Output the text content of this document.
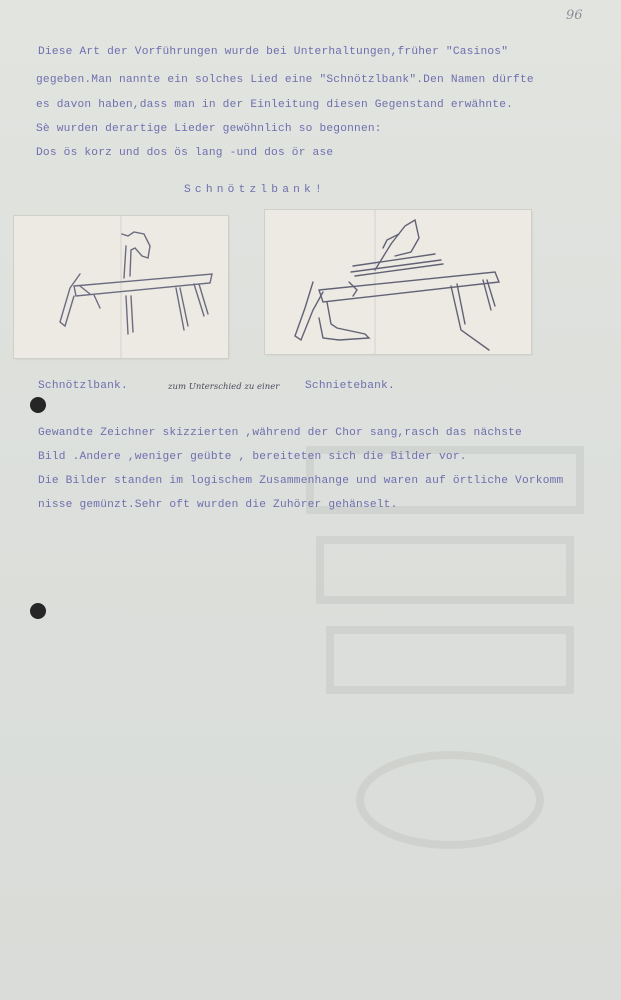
96
Diese Art der Vorführungen wurde bei Unterhaltungen,früher "Casinos"
gegeben.Man nannte ein solches Lied eine "Schnötzlbank".Den Namen dürfte
es davon haben,dass man in der Einleitung diesen Gegenstand erwähnte.
Sè wurden derartige Lieder gewöhnlich so begonnen:
Dos ös korz und dos ös lang -und dos ör ase
Schnötzlbank!
Schnötzlbank.	zum Unterschied zu einer Schnietebank.
Gewandte Zeichner skizzierten ,während der Chor sang,rasch das nächste
Bild .Andere ,weniger geübte , bereiteten sich die Bilder vor.
Die Bilder standen im logischem Zusammenhange und waren auf örtliche Vorkomm
nisse gemünzt.Sehr oft wurden die Zuhörer gehänselt.
